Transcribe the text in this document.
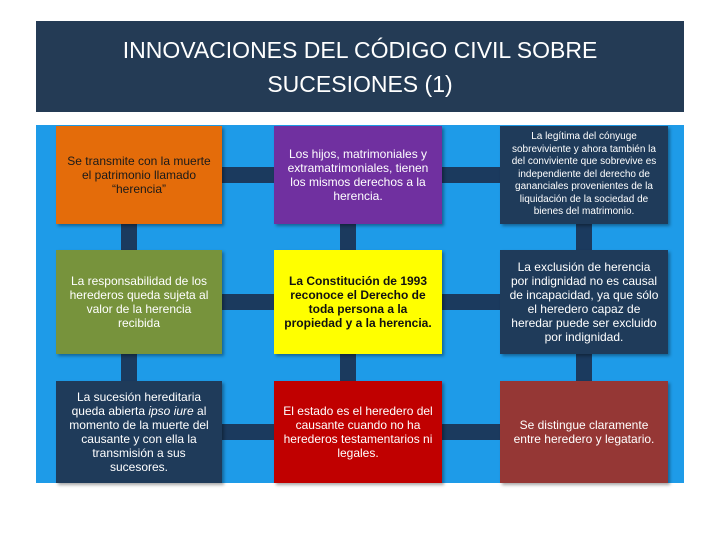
INNOVACIONES DEL CÓDIGO CIVIL SOBRE SUCESIONES (1)
Se transmite con la muerte el patrimonio llamado “herencia”
Los hijos, matrimoniales y extramatrimoniales, tienen los mismos derechos a la herencia.
La legítima del cónyuge sobreviviente y ahora también la del conviviente que sobrevive es independiente del derecho de gananciales provenientes de la liquidación de la sociedad de bienes del matrimonio.
La responsabilidad de los herederos queda sujeta al valor de la herencia recibida
La Constitución de 1993 reconoce el Derecho de toda persona a la propiedad y a la herencia.
La exclusión de herencia por indignidad no es causal de incapacidad, ya que sólo el heredero capaz de heredar puede ser excluido por indignidad.
La sucesión hereditaria queda abierta ipso iure al momento de la muerte del causante y con ella la transmisión a sus sucesores.
El estado es el heredero del causante cuando no ha herederos testamentarios ni legales.
Se distingue claramente entre heredero y legatario.
